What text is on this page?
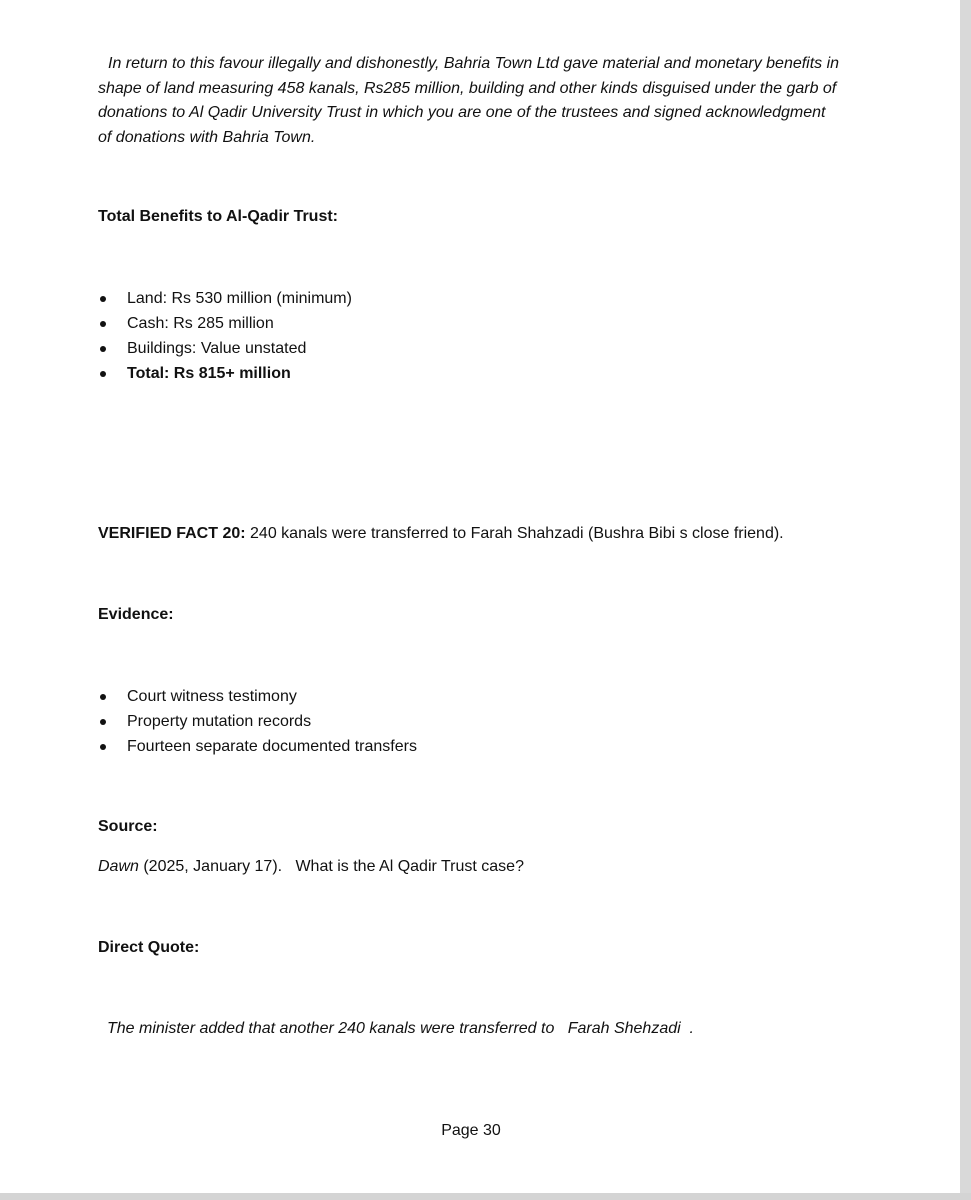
In return to this favour illegally and dishonestly, Bahria Town Ltd gave material and monetary benefits in shape of land measuring 458 kanals, Rs285 million, building and other kinds disguised under the garb of donations to Al Qadir University Trust in which you are one of the trustees and signed acknowledgment of donations with Bahria Town.

Total Benefits to Al-Qadir Trust:

Land: Rs 530 million (minimum)
Cash: Rs 285 million
Buildings: Value unstated
Total: Rs 815+ million

VERIFIED FACT 20: 240 kanals were transferred to Farah Shahzadi (Bushra Bibi s close friend).

Evidence:

Court witness testimony
Property mutation records
Fourteen separate documented transfers

Source:

Dawn (2025, January 17).   What is the Al Qadir Trust case?

Direct Quote:

The minister added that another 240 kanals were transferred to   Farah Shehzadi  .

Page 30
